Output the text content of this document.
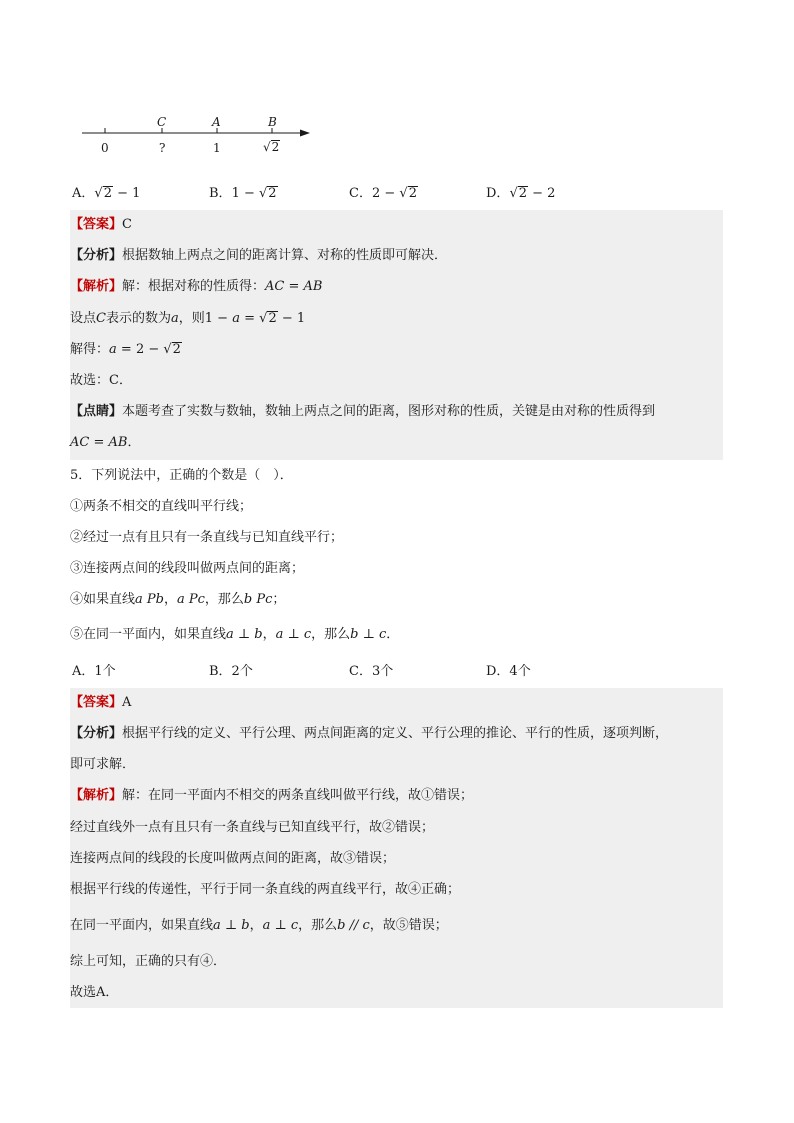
C	A	B
0	?	1	√2
A．√2 − 1	B．1 − √2	C．2 − √2	D．√2 − 2
【答案】C
【分析】根据数轴上两点之间的距离计算、对称的性质即可解决．
【解析】解：根据对称的性质得：AC = AB
设点C表示的数为a，则1 − a = √2 − 1
解得：a = 2 − √2
故选：C．
【点睛】本题考查了实数与数轴，数轴上两点之间的距离，图形对称的性质，关键是由对称的性质得到
AC = AB．
5．下列说法中，正确的个数是（　）．
①两条不相交的直线叫平行线；
②经过一点有且只有一条直线与已知直线平行；
③连接两点间的线段叫做两点间的距离；
④如果直线a Pb，a Pc，那么b Pc；
⑤在同一平面内，如果直线a ⊥ b，a ⊥ c，那么b ⊥ c．
A．1个	B．2个	C．3个	D．4个
【答案】A
【分析】根据平行线的定义、平行公理、两点间距离的定义、平行公理的推论、平行的性质，逐项判断，
即可求解．
【解析】解：在同一平面内不相交的两条直线叫做平行线，故①错误；
经过直线外一点有且只有一条直线与已知直线平行，故②错误；
连接两点间的线段的长度叫做两点间的距离，故③错误；
根据平行线的传递性，平行于同一条直线的两直线平行，故④正确；
在同一平面内，如果直线a ⊥ b，a ⊥ c，那么b // c，故⑤错误；
综上可知，正确的只有④．
故选A．
